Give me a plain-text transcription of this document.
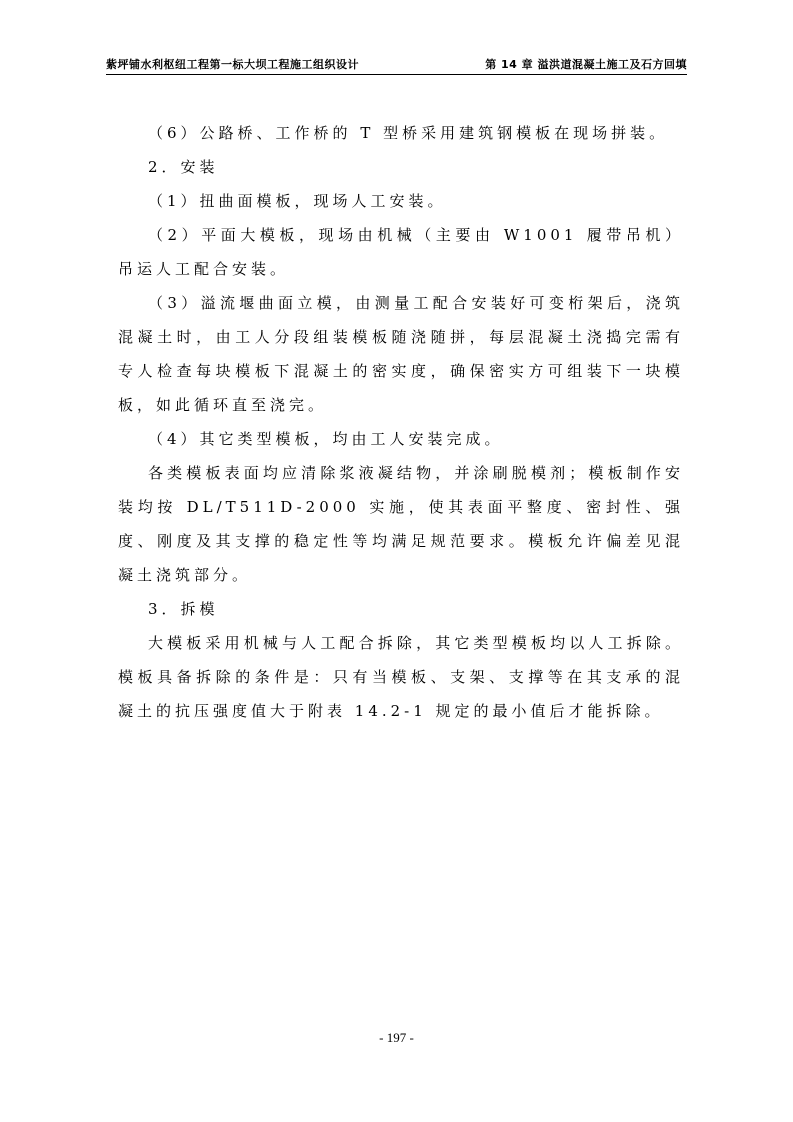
紫坪铺水利枢纽工程第一标大坝工程施工组织设计	第 14 章 溢洪道混凝土施工及石方回填

（6）公路桥、工作桥的 T 型桥采用建筑钢模板在现场拼装。

2．安装

（1）扭曲面模板，现场人工安装。

（2）平面大模板，现场由机械（主要由 W1001 履带吊机）吊运人工配合安装。

（3）溢流堰曲面立模，由测量工配合安装好可变桁架后，浇筑混凝土时，由工人分段组装模板随浇随拼，每层混凝土浇捣完需有专人检查每块模板下混凝土的密实度，确保密实方可组装下一块模板，如此循环直至浇完。

（4）其它类型模板，均由工人安装完成。

各类模板表面均应清除浆液凝结物，并涂刷脱模剂；模板制作安装均按 DL/T511D-2000 实施，使其表面平整度、密封性、强度、刚度及其支撑的稳定性等均满足规范要求。模板允许偏差见混凝土浇筑部分。

3．拆模

大模板采用机械与人工配合拆除，其它类型模板均以人工拆除。模板具备拆除的条件是：只有当模板、支架、支撑等在其支承的混凝土的抗压强度值大于附表 14.2-1 规定的最小值后才能拆除。

- 197 -
